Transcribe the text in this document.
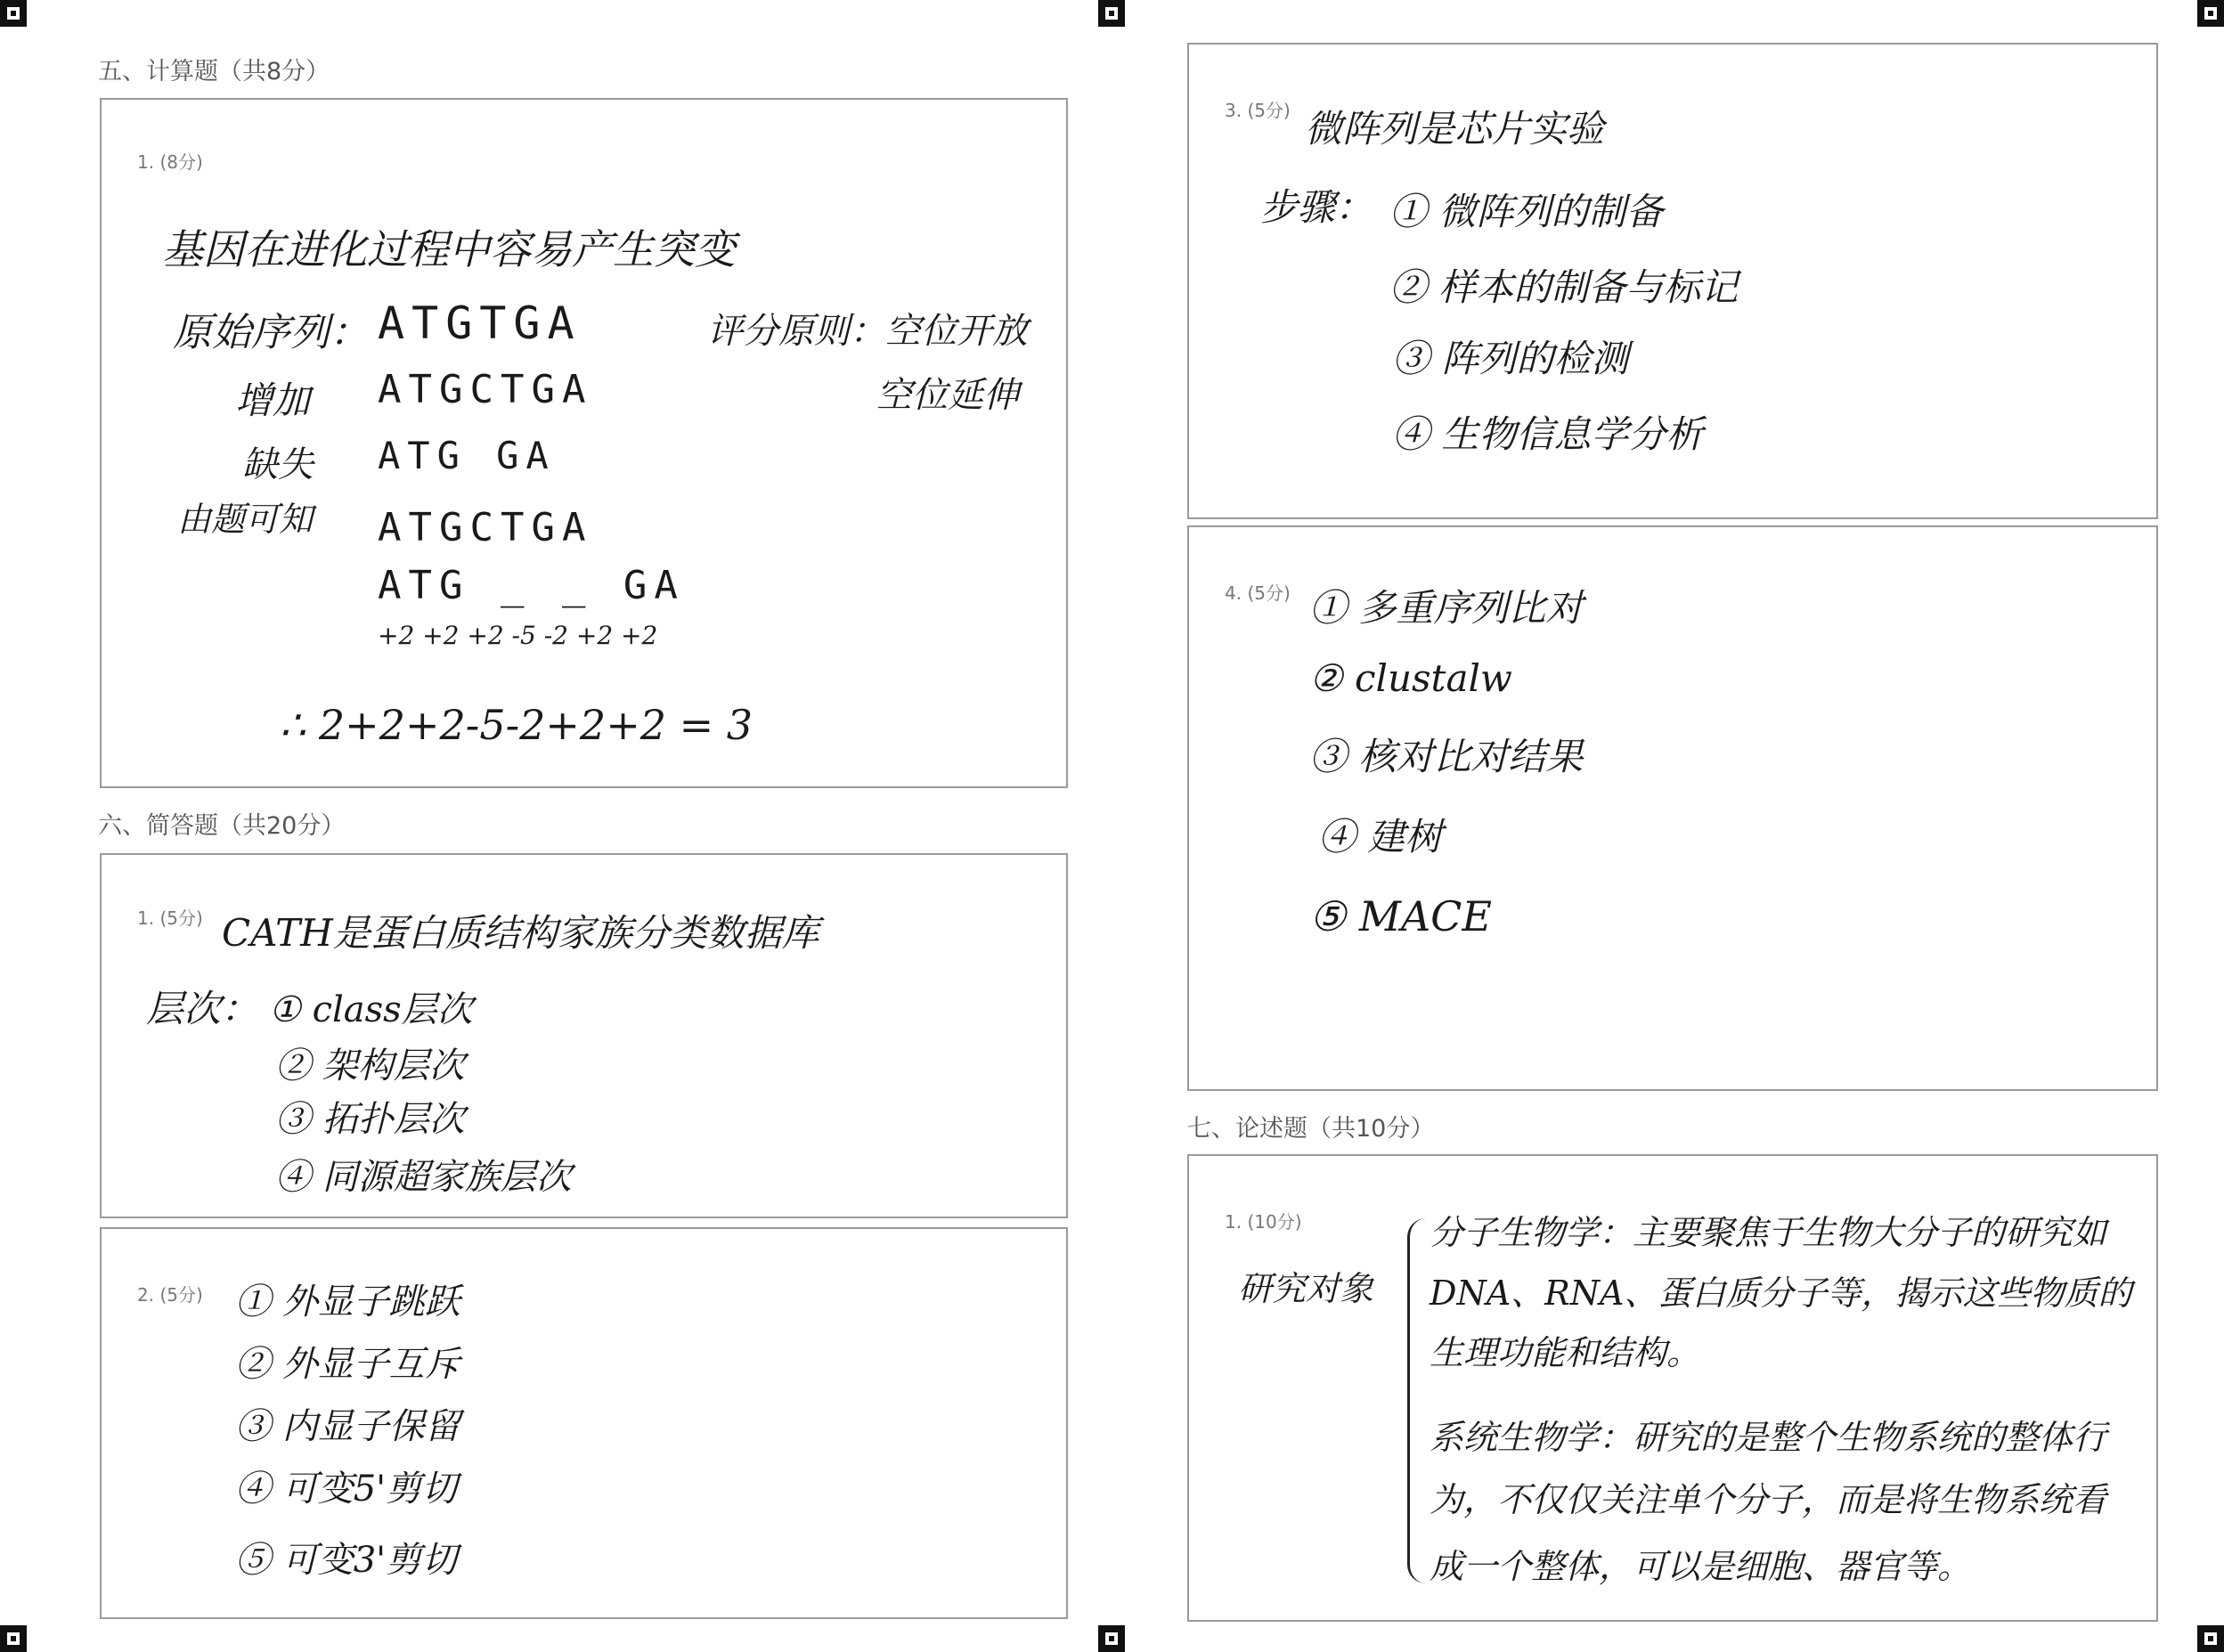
五、计算题（共8分）
1. (8分)
基因在进化过程中容易产生突变
原始序列： ATGTGA
增加 ATGCTGA
缺失 ATG GA
由题可知 ATGCTGA
ATG _ _ GA
+2 +2 +2 -5 -2 +2 +2
∴ 2+2+2-5-2+2+2 = 3
评分原则：空位开放
空位延伸
六、简答题（共20分）
1. (5分) CATH是蛋白质结构家族分类数据库
层次： ① class层次
② 架构层次
③ 拓扑层次
④ 同源超家族层次
2. (5分) ① 外显子跳跃
② 外显子互斥
③ 内显子保留
④ 可变5'剪切
⑤ 可变3'剪切
3. (5分) 微阵列是芯片实验
步骤： ① 微阵列的制备
② 样本的制备与标记
③ 阵列的检测
④ 生物信息学分析
4. (5分) ① 多重序列比对
② clustalw
③ 核对比对结果
④ 建树
⑤ MACE
七、论述题（共10分）
1. (10分)
研究对象
分子生物学：主要聚焦于生物大分子的研究如
DNA、RNA、蛋白质分子等，揭示这些物质的
生理功能和结构。
系统生物学：研究的是整个生物系统的整体行
为，不仅仅关注单个分子，而是将生物系统看
成一个整体，可以是细胞、器官等。
